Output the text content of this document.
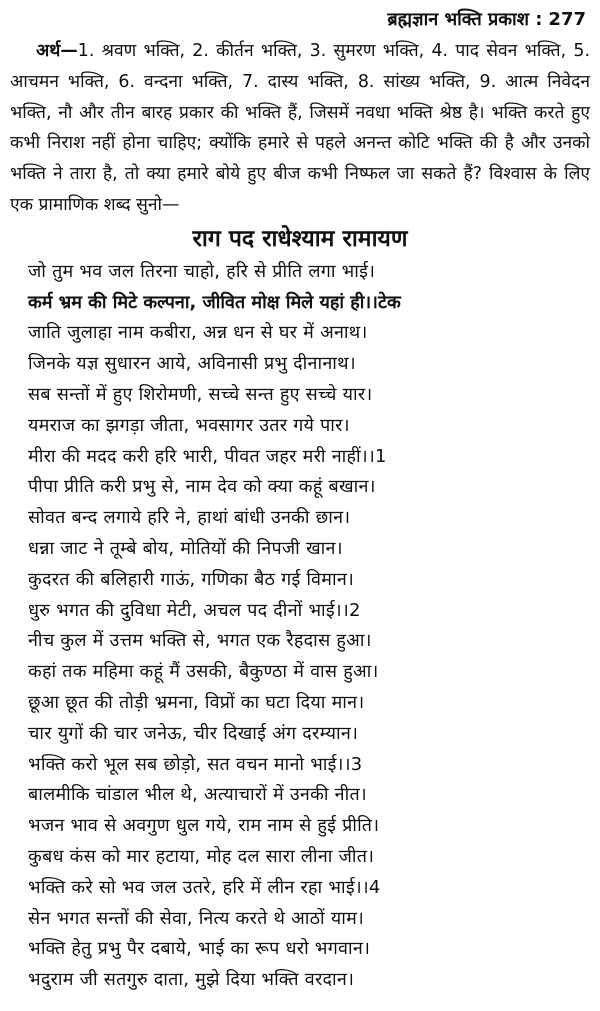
ब्रह्मज्ञान भक्ति प्रकाश : 277

अर्थ—1. श्रवण भक्ति, 2. कीर्तन भक्ति, 3. सुमरण भक्ति, 4. पाद सेवन भक्ति, 5. आचमन भक्ति, 6. वन्दना भक्ति, 7. दास्य भक्ति, 8. सांख्य भक्ति, 9. आत्म निवेदन भक्ति, नौ और तीन बारह प्रकार की भक्ति हैं, जिसमें नवधा भक्ति श्रेष्ठ है। भक्ति करते हुए कभी निराश नहीं होना चाहिए; क्योंकि हमारे से पहले अनन्त कोटि भक्ति की है और उनको भक्ति ने तारा है, तो क्या हमारे बोये हुए बीज कभी निष्फल जा सकते हैं? विश्वास के लिए एक प्रामाणिक शब्द सुनो—

राग पद राधेश्याम रामायण
जो तुम भव जल तिरना चाहो, हरि से प्रीति लगा भाई।
कर्म भ्रम की मिटे कल्पना, जीवित मोक्ष मिले यहां ही।।टेक
जाति जुलाहा नाम कबीरा, अन्न धन से घर में अनाथ।
जिनके यज्ञ सुधारन आये, अविनासी प्रभु दीनानाथ।
सब सन्तों में हुए शिरोमणी, सच्चे सन्त हुए सच्चे यार।
यमराज का झगड़ा जीता, भवसागर उतर गये पार।
मीरा की मदद करी हरि भारी, पीवत जहर मरी नाहीं।।1
पीपा प्रीति करी प्रभु से, नाम देव को क्या कहूं बखान।
सोवत बन्द लगाये हरि ने, हाथां बांधी उनकी छान।
धन्ना जाट ने तूम्बे बोय, मोतियों की निपजी खान।
कुदरत की बलिहारी गाऊं, गणिका बैठ गई विमान।
धुरु भगत की दुविधा मेटी, अचल पद दीनों भाई।।2
नीच कुल में उत्तम भक्ति से, भगत एक रैहदास हुआ।
कहां तक महिमा कहूं मैं उसकी, बैकुण्ठा में वास हुआ।
छूआ छूत की तोड़ी भ्रमना, विप्रों का घटा दिया मान।
चार युगों की चार जनेऊ, चीर दिखाई अंग दरम्यान।
भक्ति करो भूल सब छोड़ो, सत वचन मानो भाई।।3
बालमीकि चांडाल भील थे, अत्याचारों में उनकी नीत।
भजन भाव से अवगुण धुल गये, राम नाम से हुई प्रीति।
कुबध कंस को मार हटाया, मोह दल सारा लीना जीत।
भक्ति करे सो भव जल उतरे, हरि में लीन रहा भाई।।4
सेन भगत सन्तों की सेवा, नित्य करते थे आठों याम।
भक्ति हेतु प्रभु पैर दबाये, भाई का रूप धरो भगवान।
भदुराम जी सतगुरु दाता, मुझे दिया भक्ति वरदान।
